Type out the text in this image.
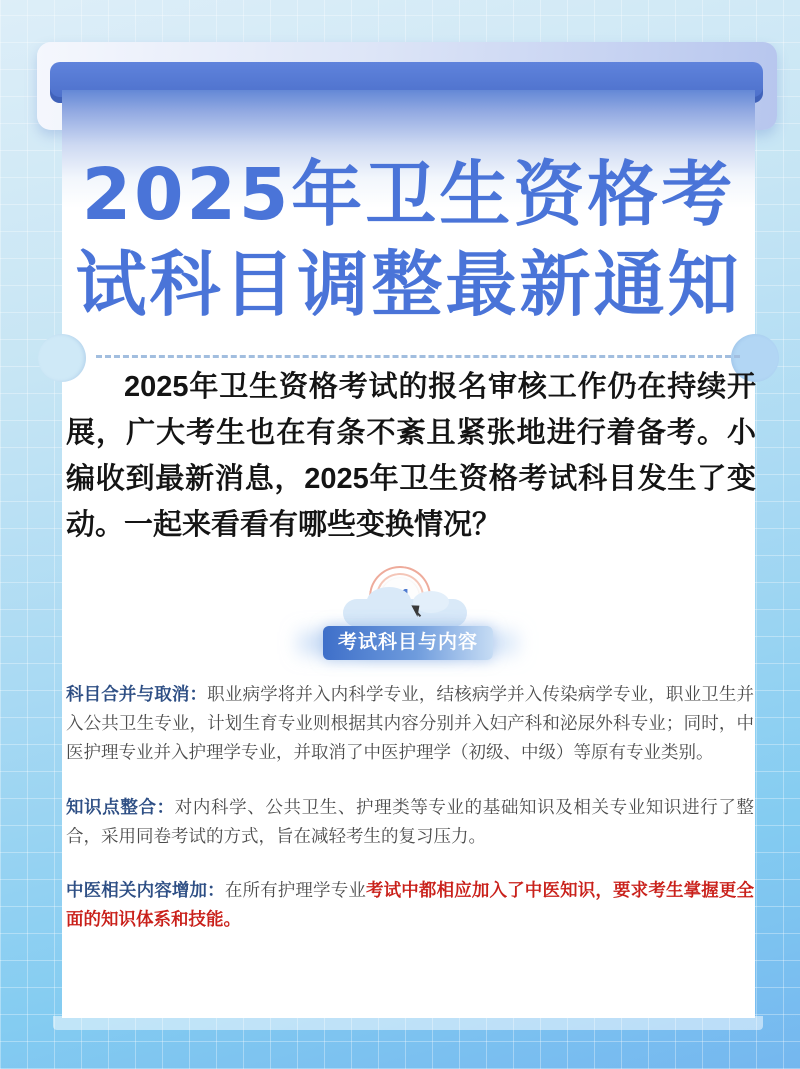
2025年卫生资格考
试科目调整最新通知

2025年卫生资格考试的报名审核工作仍在持续开展，广大考生也在有条不紊且紧张地进行着备考。小编收到最新消息，2025年卫生资格考试科目发生了变动。一起来看看有哪些变换情况？

考试科目与内容
科目合并与取消：职业病学将并入内科学专业，结核病学并入传染病学专业，职业卫生并入公共卫生专业，计划生育专业则根据其内容分别并入妇产科和泌尿外科专业；同时，中医护理专业并入护理学专业，并取消了中医护理学（初级、中级）等原有专业类别。
知识点整合：对内科学、公共卫生、护理类等专业的基础知识及相关专业知识进行了整合，采用同卷考试的方式，旨在减轻考生的复习压力。
中医相关内容增加：在所有护理学专业考试中都相应加入了中医知识，要求考生掌握更全面的知识体系和技能。
